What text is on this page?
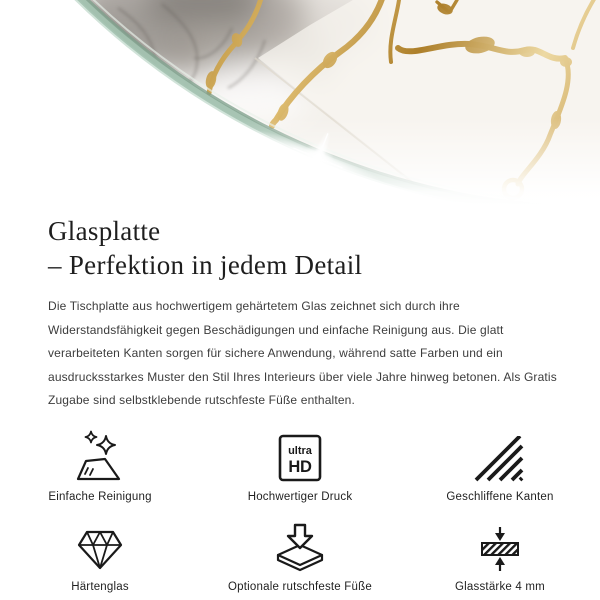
Glasplatte
– Perfektion in jedem Detail

Die Tischplatte aus hochwertigem gehärtetem Glas zeichnet sich durch ihre Widerstandsfähigkeit gegen Beschädigungen und einfache Reinigung aus. Die glatt verarbeiteten Kanten sorgen für sichere Anwendung, während satte Farben und ein ausdrucksstarkes Muster den Stil Ihres Interieurs über viele Jahre hinweg betonen. Als Gratis Zugabe sind selbstklebende rutschfeste Füße enthalten.

Einfache Reinigung
ultra
HD
Hochwertiger Druck	Geschliffene Kanten
Härtenglas	Optionale rutschfeste Füße	Glasstärke 4 mm
